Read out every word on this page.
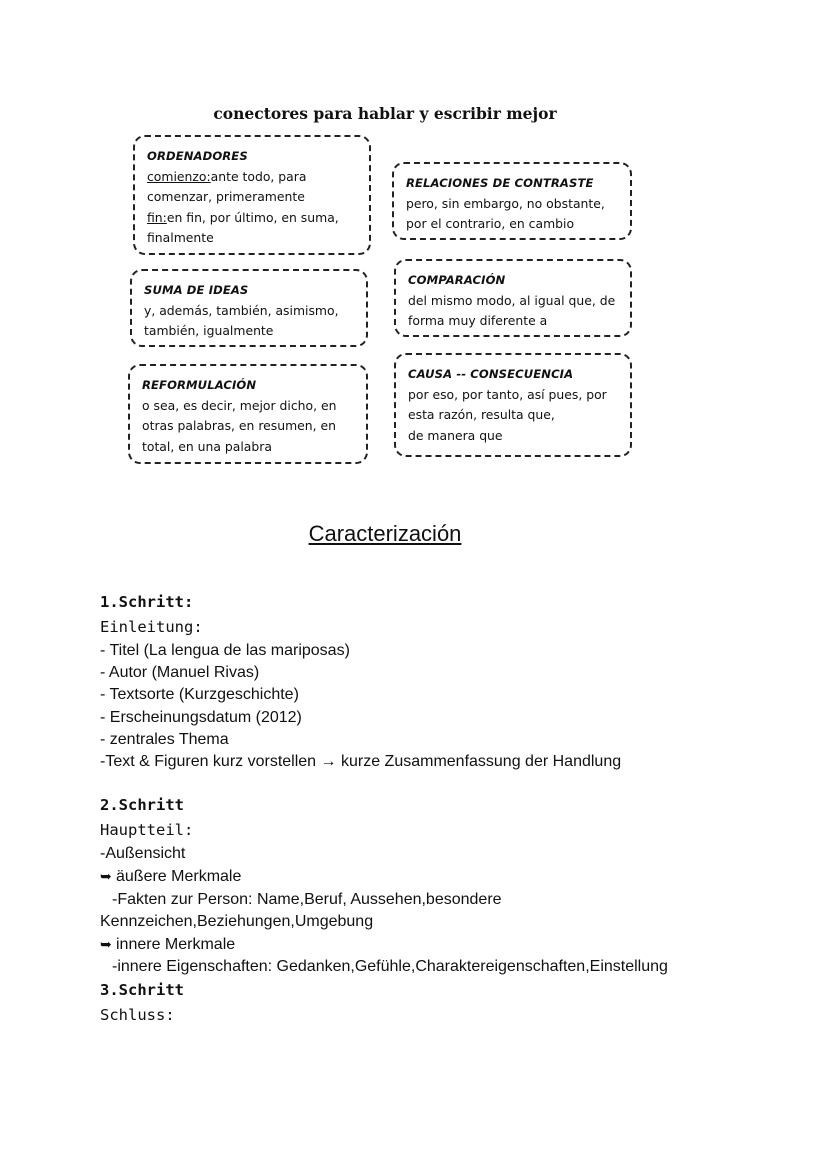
conectores para hablar y escribir mejor
ORDENADORES
comienzo:ante todo, para
comenzar, primeramente
fin:en fin, por último, en suma,
finalmente
RELACIONES DE CONTRASTE
pero, sin embargo, no obstante,
por el contrario, en cambio
SUMA DE IDEAS
y, además, también, asimismo,
también, igualmente
COMPARACIÓN
del mismo modo, al igual que, de
forma muy diferente a
REFORMULACIÓN
o sea, es decir, mejor dicho, en
otras palabras, en resumen, en
total, en una palabra
CAUSA -- CONSECUENCIA
por eso, por tanto, así pues, por
esta razón, resulta que,
de manera que
Caracterización
1.Schritt:
Einleitung:
- Titel (La lengua de las mariposas)
- Autor (Manuel Rivas)
- Textsorte (Kurzgeschichte)
- Erscheinungsdatum (2012)
- zentrales Thema
-Text & Figuren kurz vorstellen → kurze Zusammenfassung der Handlung
2.Schritt
Hauptteil:
-Außensicht
➥ äußere Merkmale
-Fakten zur Person: Name,Beruf, Aussehen,besondere
Kennzeichen,Beziehungen,Umgebung
➥ innere Merkmale
-innere Eigenschaften: Gedanken,Gefühle,Charaktereigenschaften,Einstellung
3.Schritt
Schluss:
